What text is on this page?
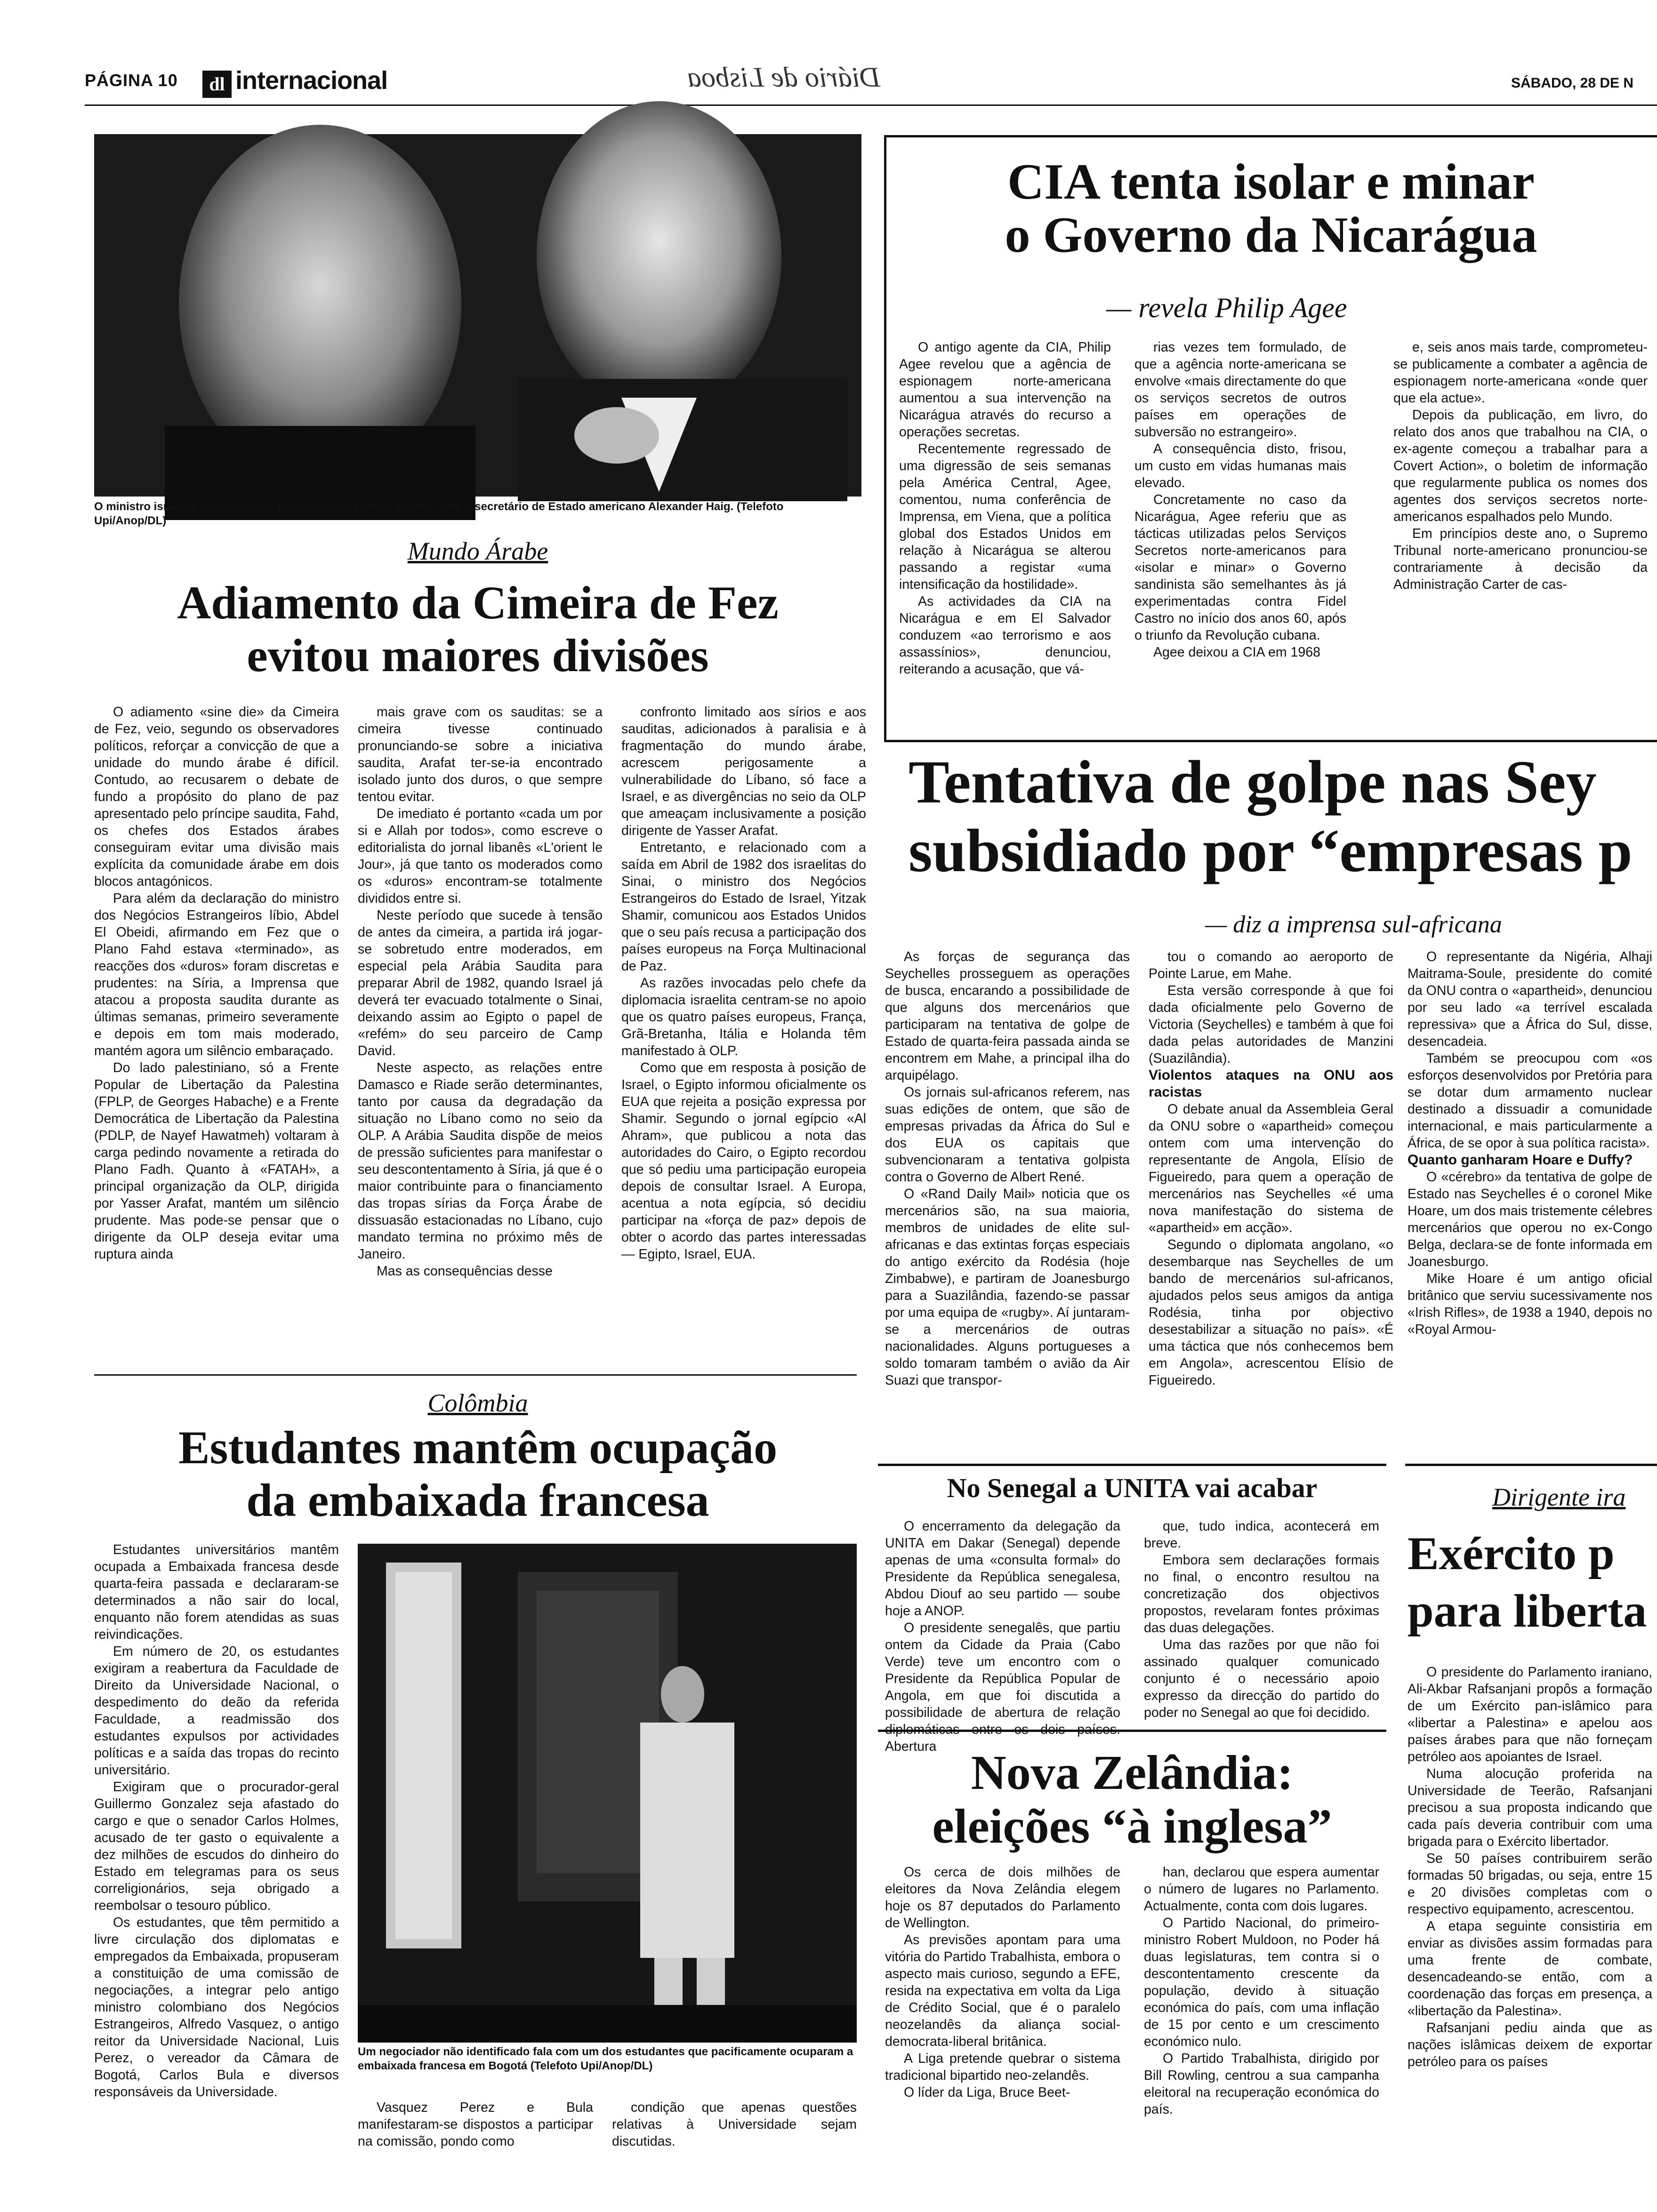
PÁGINA 10	dl internacional	Diário de Lisboa	SÁBADO, 28 DE N
O ministro israelita dos Negócios Estrangeiros, Yitzhak Shamir, com o secretário de Estado americano Alexander Haig. (Telefoto Upi/Anop/DL)
Mundo Árabe
Adiamento da Cimeira de Fez
evitou maiores divisões

O adiamento «sine die» da Cimeira de Fez, veio, segundo os observadores políticos, reforçar a convicção de que a unidade do mundo árabe é difícil. Contudo, ao recusarem o debate de fundo a propósito do plano de paz apresentado pelo príncipe saudita, Fahd, os chefes dos Estados árabes conseguiram evitar uma divisão mais explícita da comunidade árabe em dois blocos antagónicos.

Para além da declaração do ministro dos Negócios Estrangeiros líbio, Abdel El Obeidi, afirmando em Fez que o Plano Fahd estava «terminado», as reacções dos «duros» foram discretas e prudentes: na Síria, a Imprensa que atacou a proposta saudita durante as últimas semanas, primeiro severamente e depois em tom mais moderado, mantém agora um silêncio embaraçado.

Do lado palestiniano, só a Frente Popular de Libertação da Palestina (FPLP, de Georges Habache) e a Frente Democrática de Libertação da Palestina (PDLP, de Nayef Hawatmeh) voltaram à carga pedindo novamente a retirada do Plano Fadh. Quanto à «FATAH», a principal organização da OLP, dirigida por Yasser Arafat, mantém um silêncio prudente. Mas pode-se pensar que o dirigente da OLP deseja evitar uma ruptura ainda

mais grave com os sauditas: se a cimeira tivesse continuado pronunciando-se sobre a iniciativa saudita, Arafat ter-se-ia encontrado isolado junto dos duros, o que sempre tentou evitar.

De imediato é portanto «cada um por si e Allah por todos», como escreve o editorialista do jornal libanês «L'orient le Jour», já que tanto os moderados como os «duros» encontram-se totalmente divididos entre si.

Neste período que sucede à tensão de antes da cimeira, a partida irá jogar-se sobretudo entre moderados, em especial pela Arábia Saudita para preparar Abril de 1982, quando Israel já deverá ter evacuado totalmente o Sinai, deixando assim ao Egipto o papel de «refém» do seu parceiro de Camp David.

Neste aspecto, as relações entre Damasco e Riade serão determinantes, tanto por causa da degradação da situação no Líbano como no seio da OLP. A Arábia Saudita dispõe de meios de pressão suficientes para manifestar o seu descontentamento à Síria, já que é o maior contribuinte para o financiamento das tropas sírias da Força Árabe de dissuasão estacionadas no Líbano, cujo mandato termina no próximo mês de Janeiro.

Mas as consequências desse

confronto limitado aos sírios e aos sauditas, adicionados à paralisia e à fragmentação do mundo árabe, acrescem perigosamente a vulnerabilidade do Líbano, só face a Israel, e as divergências no seio da OLP que ameaçam inclusivamente a posição dirigente de Yasser Arafat.

Entretanto, e relacionado com a saída em Abril de 1982 dos israelitas do Sinai, o ministro dos Negócios Estrangeiros do Estado de Israel, Yitzak Shamir, comunicou aos Estados Unidos que o seu país recusa a participação dos países europeus na Força Multinacional de Paz.

As razões invocadas pelo chefe da diplomacia israelita centram-se no apoio que os quatro países europeus, França, Grã-Bretanha, Itália e Holanda têm manifestado à OLP.

Como que em resposta à posição de Israel, o Egipto informou oficialmente os EUA que rejeita a posição expressa por Shamir. Segundo o jornal egípcio «Al Ahram», que publicou a nota das autoridades do Cairo, o Egipto recordou que só pediu uma participação europeia depois de consultar Israel. A Europa, acentua a nota egípcia, só decidiu participar na «força de paz» depois de obter o acordo das partes interessadas — Egipto, Israel, EUA.

Colômbia
Estudantes mantêm ocupação
da embaixada francesa

Estudantes universitários mantêm ocupada a Embaixada francesa desde quarta-feira passada e declararam-se determinados a não sair do local, enquanto não forem atendidas as suas reivindicações.

Em número de 20, os estudantes exigiram a reabertura da Faculdade de Direito da Universidade Nacional, o despedimento do deão da referida Faculdade, a readmissão dos estudantes expulsos por actividades políticas e a saída das tropas do recinto universitário.

Exigiram que o procurador-geral Guillermo Gonzalez seja afastado do cargo e que o senador Carlos Holmes, acusado de ter gasto o equivalente a dez milhões de escudos do dinheiro do Estado em telegramas para os seus correligionários, seja obrigado a reembolsar o tesouro público.

Os estudantes, que têm permitido a livre circulação dos diplomatas e empregados da Embaixada, propuseram a constituição de uma comissão de negociações, a integrar pelo antigo ministro colombiano dos Negócios Estrangeiros, Alfredo Vasquez, o antigo reitor da Universidade Nacional, Luis Perez, o vereador da Câmara de Bogotá, Carlos Bula e diversos responsáveis da Universidade.

Um negociador não identificado fala com um dos estudantes que pacificamente ocuparam a embaixada francesa em Bogotá (Telefoto Upi/Anop/DL)

Vasquez Perez e Bula manifestaram-se dispostos a participar na comissão, pondo como

condição que apenas questões relativas à Universidade sejam discutidas.

CIA tenta isolar e minar
o Governo da Nicarágua
— revela Philip Agee

O antigo agente da CIA, Philip Agee revelou que a agência de espionagem norte-americana aumentou a sua intervenção na Nicarágua através do recurso a operações secretas.

Recentemente regressado de uma digressão de seis semanas pela América Central, Agee, comentou, numa conferência de Imprensa, em Viena, que a política global dos Estados Unidos em relação à Nicarágua se alterou passando a registar «uma intensificação da hostilidade».

As actividades da CIA na Nicarágua e em El Salvador conduzem «ao terrorismo e aos assassínios», denunciou, reiterando a acusação, que vá-

rias vezes tem formulado, de que a agência norte-americana se envolve «mais directamente do que os serviços secretos de outros países em operações de subversão no estrangeiro».

A consequência disto, frisou, um custo em vidas humanas mais elevado.

Concretamente no caso da Nicarágua, Agee referiu que as tácticas utilizadas pelos Serviços Secretos norte-americanos para «isolar e minar» o Governo sandinista são semelhantes às já experimentadas contra Fidel Castro no início dos anos 60, após o triunfo da Revolução cubana.

Agee deixou a CIA em 1968

e, seis anos mais tarde, comprometeu-se publicamente a combater a agência de espionagem norte-americana «onde quer que ela actue».

Depois da publicação, em livro, do relato dos anos que trabalhou na CIA, o ex-agente começou a trabalhar para a Covert Action», o boletim de informação que regularmente publica os nomes dos agentes dos serviços secretos norte-americanos espalhados pelo Mundo.

Em princípios deste ano, o Supremo Tribunal norte-americano pronunciou-se contrariamente à decisão da Administração Carter de cas-

Tentativa de golpe nas Sey
subsidiado por “empresas p
— diz a imprensa sul-africana

As forças de segurança das Seychelles prosseguem as operações de busca, encarando a possibilidade de que alguns dos mercenários que participaram na tentativa de golpe de Estado de quarta-feira passada ainda se encontrem em Mahe, a principal ilha do arquipélago.

Os jornais sul-africanos referem, nas suas edições de ontem, que são de empresas privadas da África do Sul e dos EUA os capitais que subvencionaram a tentativa golpista contra o Governo de Albert René.

O «Rand Daily Mail» noticia que os mercenários são, na sua maioria, membros de unidades de elite sul-africanas e das extintas forças especiais do antigo exército da Rodésia (hoje Zimbabwe), e partiram de Joanesburgo para a Suazilândia, fazendo-se passar por uma equipa de «rugby». Aí juntaram-se a mercenários de outras nacionalidades. Alguns portugueses a soldo tomaram também o avião da Air Suazi que transpor-

tou o comando ao aeroporto de Pointe Larue, em Mahe.

Esta versão corresponde à que foi dada oficialmente pelo Governo de Victoria (Seychelles) e também à que foi dada pelas autoridades de Manzini (Suazilândia).

Violentos ataques na ONU aos racistas

O debate anual da Assembleia Geral da ONU sobre o «apartheid» começou ontem com uma intervenção do representante de Angola, Elísio de Figueiredo, para quem a operação de mercenários nas Seychelles «é uma nova manifestação do sistema de «apartheid» em acção».

Segundo o diplomata angolano, «o desembarque nas Seychelles de um bando de mercenários sul-africanos, ajudados pelos seus amigos da antiga Rodésia, tinha por objectivo desestabilizar a situação no país». «É uma táctica que nós conhecemos bem em Angola», acrescentou Elísio de Figueiredo.

O representante da Nigéria, Alhaji Maitrama-Soule, presidente do comité da ONU contra o «apartheid», denunciou por seu lado «a terrível escalada repressiva» que a África do Sul, disse, desencadeia.

Também se preocupou com «os esforços desenvolvidos por Pretória para se dotar dum armamento nuclear destinado a dissuadir a comunidade internacional, e mais particularmente a África, de se opor à sua política racista».

Quanto ganharam Hoare e Duffy?

O «cérebro» da tentativa de golpe de Estado nas Seychelles é o coronel Mike Hoare, um dos mais tristemente célebres mercenários que operou no ex-Congo Belga, declara-se de fonte informada em Joanesburgo.

Mike Hoare é um antigo oficial britânico que serviu sucessivamente nos «Irish Rifles», de 1938 a 1940, depois no «Royal Armou-

No Senegal a UNITA vai acabar

O encerramento da delegação da UNITA em Dakar (Senegal) depende apenas de uma «consulta formal» do Presidente da República senegalesa, Abdou Diouf ao seu partido — soube hoje a ANOP.

O presidente senegalês, que partiu ontem da Cidade da Praia (Cabo Verde) teve um encontro com o Presidente da República Popular de Angola, em que foi discutida a possibilidade de abertura de relação diplomáticas entre os dois países. Abertura

que, tudo indica, acontecerá em breve.

Embora sem declarações formais no final, o encontro resultou na concretização dos objectivos propostos, revelaram fontes próximas das duas delegações.

Uma das razões por que não foi assinado qualquer comunicado conjunto é o necessário apoio expresso da direcção do partido do poder no Senegal ao que foi decidido.

Nova Zelândia:
eleições “à inglesa”

Os cerca de dois milhões de eleitores da Nova Zelândia elegem hoje os 87 deputados do Parlamento de Wellington.

As previsões apontam para uma vitória do Partido Trabalhista, embora o aspecto mais curioso, segundo a EFE, resida na expectativa em volta da Liga de Crédito Social, que é o paralelo neozelandês da aliança social-democrata-liberal britânica.

A Liga pretende quebrar o sistema tradicional bipartido neo-zelandês.

O líder da Liga, Bruce Beet-

han, declarou que espera aumentar o número de lugares no Parlamento. Actualmente, conta com dois lugares.

O Partido Nacional, do primeiro-ministro Robert Muldoon, no Poder há duas legislaturas, tem contra si o descontentamento crescente da população, devido à situação económica do país, com uma inflação de 15 por cento e um crescimento económico nulo.

O Partido Trabalhista, dirigido por Bill Rowling, centrou a sua campanha eleitoral na recuperação económica do país.

Dirigente ira
Exército p
para liberta

O presidente do Parlamento iraniano, Ali-Akbar Rafsanjani propôs a formação de um Exército pan-islâmico para «libertar a Palestina» e apelou aos países árabes para que não forneçam petróleo aos apoiantes de Israel.

Numa alocução proferida na Universidade de Teerão, Rafsanjani precisou a sua proposta indicando que cada país deveria contribuir com uma brigada para o Exército libertador.

Se 50 países contribuirem serão formadas 50 brigadas, ou seja, entre 15 e 20 divisões completas com o respectivo equipamento, acrescentou.

A etapa seguinte consistiria em enviar as divisões assim formadas para uma frente de combate, desencadeando-se então, com a coordenação das forças em presença, a «libertação da Palestina».

Rafsanjani pediu ainda que as nações islâmicas deixem de exportar petróleo para os países
